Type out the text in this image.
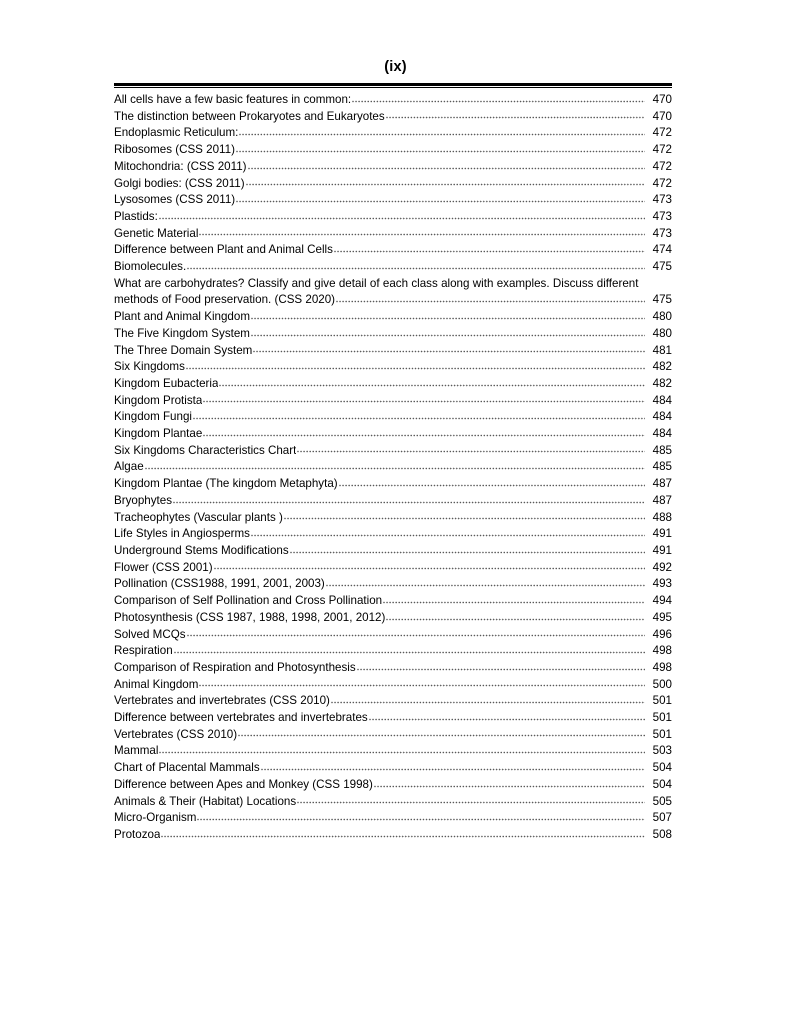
(ix)
All cells have a few basic features in common:	470
The distinction between Prokaryotes and Eukaryotes	470
Endoplasmic Reticulum:	472
Ribosomes (CSS 2011)	472
Mitochondria: (CSS 2011)	472
Golgi bodies: (CSS 2011)	472
Lysosomes (CSS 2011)	473
Plastids:	473
Genetic Material	473
Difference between Plant and Animal Cells	474
Biomolecules.	475
What are carbohydrates? Classify and give detail of each class along with examples. Discuss different
methods of Food preservation. (CSS 2020)	475
Plant and Animal Kingdom	480
The Five Kingdom System	480
The Three Domain System	481
Six Kingdoms	482
Kingdom Eubacteria	482
Kingdom Protista	484
Kingdom Fungi	484
Kingdom Plantae	484
Six Kingdoms Characteristics Chart	485
Algae	485
Kingdom Plantae (The kingdom Metaphyta)	487
Bryophytes	487
Tracheophytes (Vascular plants )	488
Life Styles in Angiosperms	491
Underground Stems Modifications	491
Flower (CSS 2001)	492
Pollination (CSS1988, 1991, 2001, 2003)	493
Comparison of Self Pollination and Cross Pollination	494
Photosynthesis (CSS 1987, 1988, 1998, 2001, 2012)	495
Solved MCQs	496
Respiration	498
Comparison of Respiration and Photosynthesis	498
Animal Kingdom	500
Vertebrates and invertebrates (CSS 2010)	501
Difference between vertebrates and invertebrates	501
Vertebrates (CSS 2010)	501
Mammal	503
Chart of Placental Mammals	504
Difference between Apes and Monkey (CSS 1998)	504
Animals & Their (Habitat) Locations	505
Micro-Organism	507
Protozoa	508
